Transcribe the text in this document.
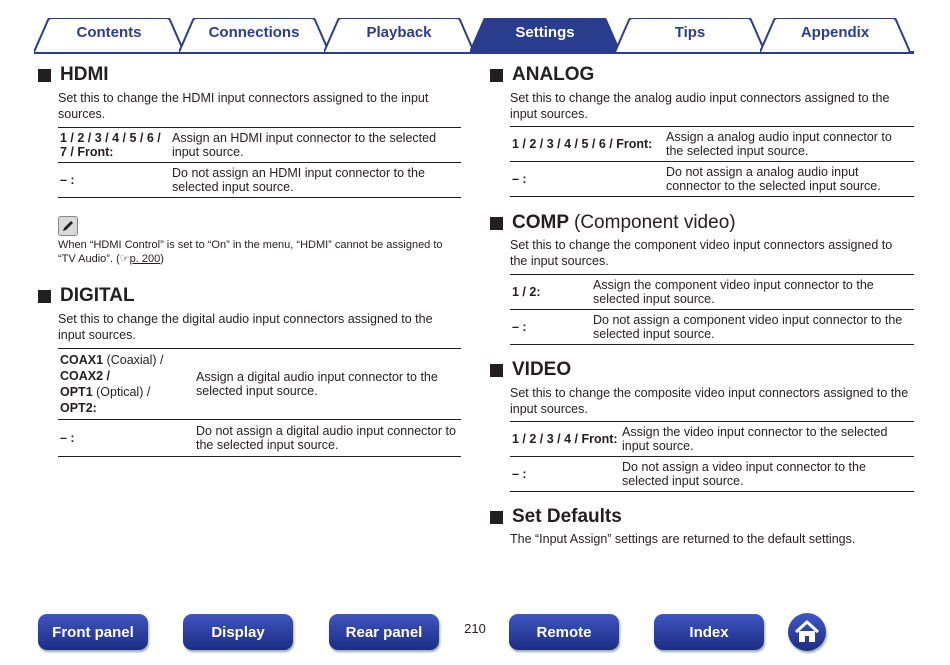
Contents	Connections	Playback	Settings	Tips	Appendix
HDMI
Set this to change the HDMI input connectors assigned to the input sources.
1 / 2 / 3 / 4 / 5 / 6 / 7 / Front:	Assign an HDMI input connector to the selected input source.
– :	Do not assign an HDMI input connector to the selected input source.
When “HDMI Control” is set to “On” in the menu, “HDMI” cannot be assigned to “TV Audio”. (☞p. 200)
DIGITAL
Set this to change the digital audio input connectors assigned to the input sources.
COAX1 (Coaxial) /
COAX2 /
OPT1 (Optical) /
OPT2:	Assign a digital audio input connector to the selected input source.
– :	Do not assign a digital audio input connector to the selected input source.
ANALOG
Set this to change the analog audio input connectors assigned to the input sources.
1 / 2 / 3 / 4 / 5 / 6 / Front:	Assign a analog audio input connector to the selected input source.
– :	Do not assign a analog audio input connector to the selected input source.
COMP (Component video)
Set this to change the component video input connectors assigned to the input sources.
1 / 2:	Assign the component video input connector to the selected input source.
– :	Do not assign a component video input connector to the selected input source.
VIDEO
Set this to change the composite video input connectors assigned to the input sources.
1 / 2 / 3 / 4 / Front:	Assign the video input connector to the selected input source.
– :	Do not assign a video input connector to the selected input source.
Set Defaults
The “Input Assign” settings are returned to the default settings.
Front panel	Display	Rear panel	210	Remote	Index
